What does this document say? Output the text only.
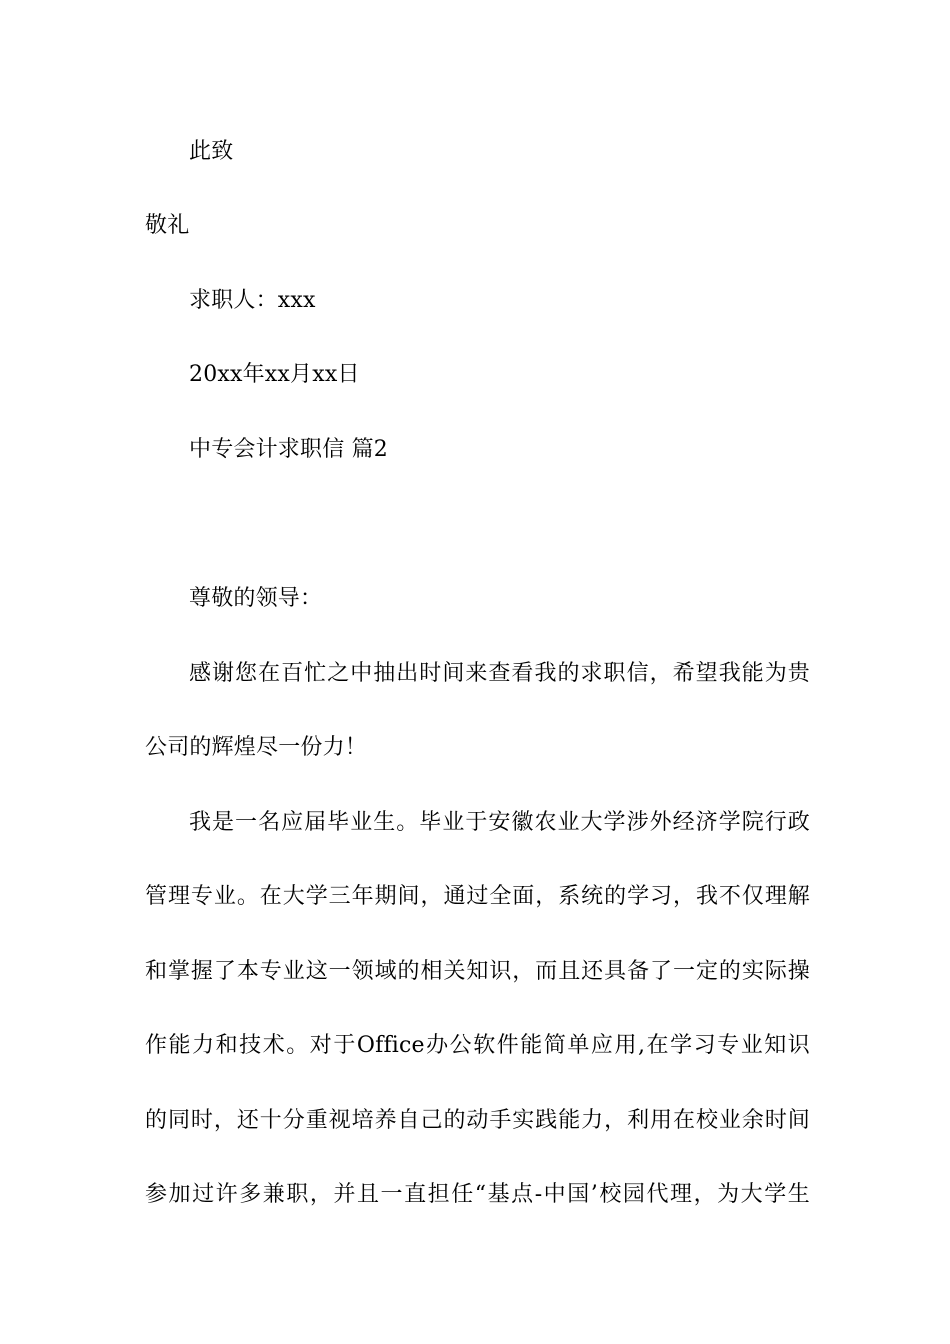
此致
敬礼
求职人：xxx
20xx年xx月xx日
中专会计求职信 篇2
尊敬的领导：
感谢您在百忙之中抽出时间来查看我的求职信，希望我能为贵
公司的辉煌尽一份力！
我是一名应届毕业生。毕业于安徽农业大学涉外经济学院行政
管理专业。在大学三年期间，通过全面，系统的学习，我不仅理解
和掌握了本专业这一领域的相关知识，而且还具备了一定的实际操
作能力和技术。对于Office办公软件能简单应用,在学习专业知识
的同时，还十分重视培养自己的动手实践能力，利用在校业余时间
参加过许多兼职，并且一直担任“基点-中国’校园代理，为大学生
